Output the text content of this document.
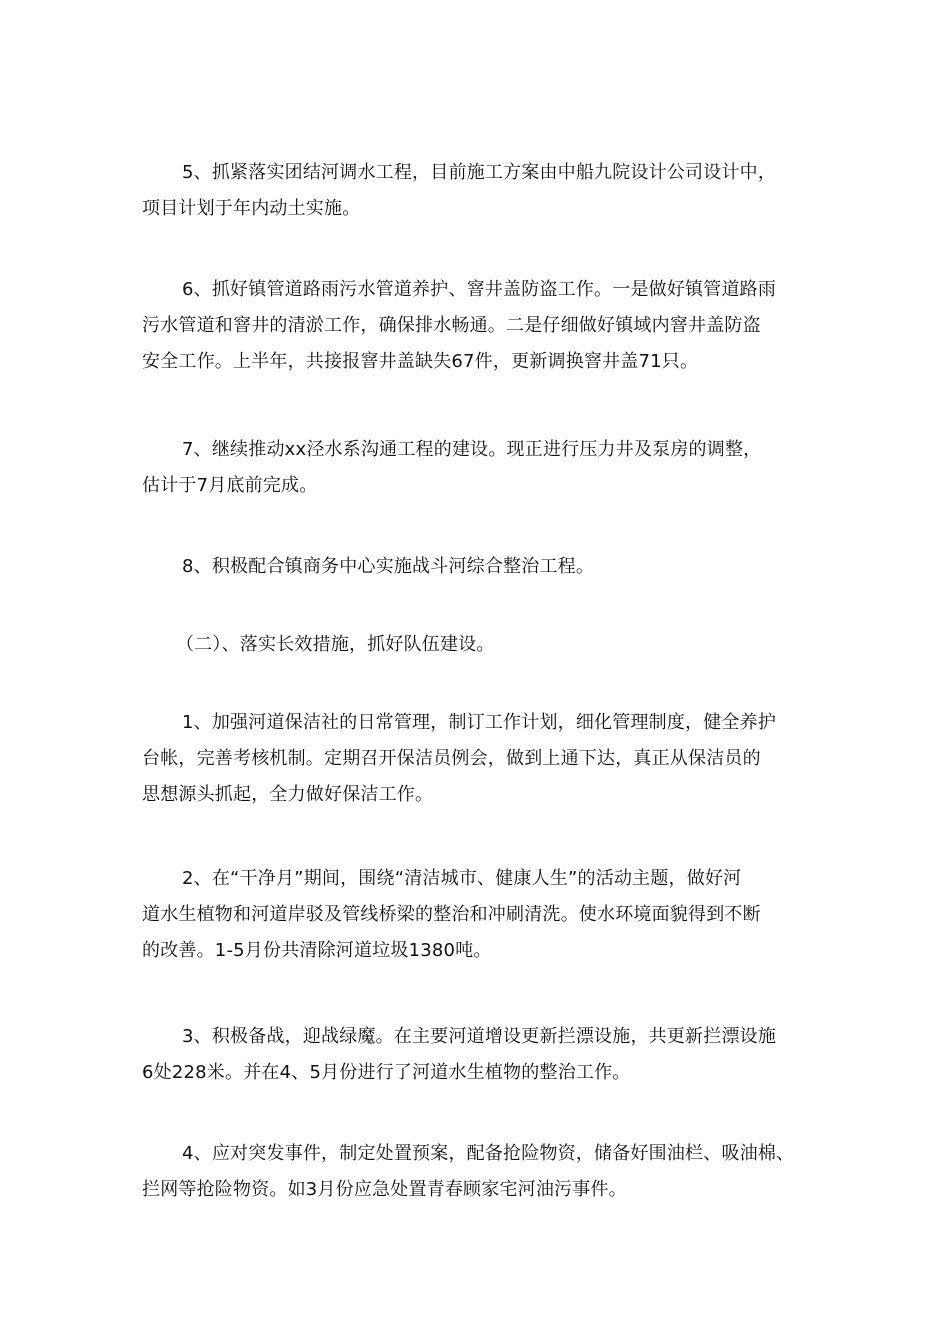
5、抓紧落实团结河调水工程，目前施工方案由中船九院设计公司设计中，
项目计划于年内动土实施。
6、抓好镇管道路雨污水管道养护、窨井盖防盗工作。一是做好镇管道路雨
污水管道和窨井的清淤工作，确保排水畅通。二是仔细做好镇域内窨井盖防盗
安全工作。上半年，共接报窨井盖缺失67件，更新调换窨井盖71只。
7、继续推动xx泾水系沟通工程的建设。现正进行压力井及泵房的调整，
估计于7月底前完成。
8、积极配合镇商务中心实施战斗河综合整治工程。
（二）、落实长效措施，抓好队伍建设。
1、加强河道保洁社的日常管理，制订工作计划，细化管理制度，健全养护
台帐，完善考核机制。定期召开保洁员例会，做到上通下达，真正从保洁员的
思想源头抓起，全力做好保洁工作。
2、在“干净月”期间，围绕“清洁城市、健康人生”的活动主题，做好河
道水生植物和河道岸驳及管线桥梁的整治和冲刷清洗。使水环境面貌得到不断
的改善。1-5月份共清除河道垃圾1380吨。
3、积极备战，迎战绿魔。在主要河道增设更新拦漂设施，共更新拦漂设施
6处228米。并在4、5月份进行了河道水生植物的整治工作。
4、应对突发事件，制定处置预案，配备抢险物资，储备好围油栏、吸油棉、
拦网等抢险物资。如3月份应急处置青春顾家宅河油污事件。
